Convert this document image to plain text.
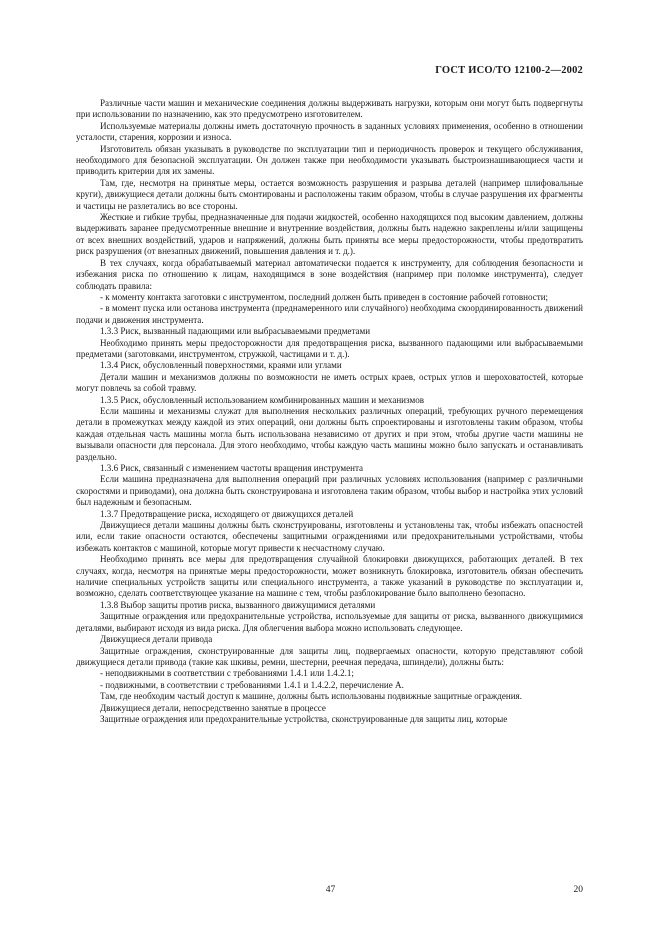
ГОСТ ИСО/ТО 12100-2—2002

Различные части машин и механические соединения должны выдерживать нагрузки, которым они могут быть подвергнуты при использовании по назначению, как это предусмотрено изготовителем.

Используемые материалы должны иметь достаточную прочность в заданных условиях применения, особенно в отношении усталости, старения, коррозии и износа.

Изготовитель обязан указывать в руководстве по эксплуатации тип и периодичность проверок и текущего обслуживания, необходимого для безопасной эксплуатации. Он должен также при необходимости указывать быстроизнашивающиеся части и приводить критерии для их замены.

Там, где, несмотря на принятые меры, остается возможность разрушения и разрыва деталей (например шлифовальные круги), движущиеся детали должны быть смонтированы и расположены таким образом, чтобы в случае разрушения их фрагменты и частицы не разлетались во все стороны.

Жесткие и гибкие трубы, предназначенные для подачи жидкостей, особенно находящихся под высоким давлением, должны выдерживать заранее предусмотренные внешние и внутренние воздействия, должны быть надежно закреплены и/или защищены от всех внешних воздействий, ударов и напряжений, должны быть приняты все меры предосторожности, чтобы предотвратить риск разрушения (от внезапных движений, повышения давления и т. д.).

В тех случаях, когда обрабатываемый материал автоматически подается к инструменту, для соблюдения безопасности и избежания риска по отношению к лицам, находящимся в зоне воздействия (например при поломке инструмента), следует соблюдать правила:

- к моменту контакта заготовки с инструментом, последний должен быть приведен в состояние рабочей готовности;

- в момент пуска или останова инструмента (преднамеренного или случайного) необходима скоординированность движений подачи и движения инструмента.

1.3.3 Риск, вызванный падающими или выбрасываемыми предметами

Необходимо принять меры предосторожности для предотвращения риска, вызванного падающими или выбрасываемыми предметами (заготовками, инструментом, стружкой, частицами и т. д.).

1.3.4 Риск, обусловленный поверхностями, краями или углами

Детали машин и механизмов должны по возможности не иметь острых краев, острых углов и шероховатостей, которые могут повлечь за собой травму.

1.3.5 Риск, обусловленный использованием комбинированных машин и механизмов

Если машины и механизмы служат для выполнения нескольких различных операций, требующих ручного перемещения детали в промежутках между каждой из этих операций, они должны быть спроектированы и изготовлены таким образом, чтобы каждая отдельная часть машины могла быть использована независимо от других и при этом, чтобы другие части машины не вызывали опасности для персонала. Для этого необходимо, чтобы каждую часть машины можно было запускать и останавливать раздельно.

1.3.6 Риск, связанный с изменением частоты вращения инструмента

Если машина предназначена для выполнения операций при различных условиях использования (например с различными скоростями и приводами), она должна быть сконструирована и изготовлена таким образом, чтобы выбор и настройка этих условий был надежным и безопасным.

1.3.7 Предотвращение риска, исходящего от движущихся деталей

Движущиеся детали машины должны быть сконструированы, изготовлены и установлены так, чтобы избежать опасностей или, если такие опасности остаются, обеспечены защитными ограждениями или предохранительными устройствами, чтобы избежать контактов с машиной, которые могут привести к несчастному случаю.

Необходимо принять все меры для предотвращения случайной блокировки движущихся, работающих деталей. В тех случаях, когда, несмотря на принятые меры предосторожности, может возникнуть блокировка, изготовитель обязан обеспечить наличие специальных устройств защиты или специального инструмента, а также указаний в руководстве по эксплуатации и, возможно, сделать соответствующее указание на машине с тем, чтобы разблокирование было выполнено безопасно.

1.3.8 Выбор защиты против риска, вызванного движущимися деталями

Защитные ограждения или предохранительные устройства, используемые для защиты от риска, вызванного движущимися деталями, выбирают исходя из вида риска. Для облегчения выбора можно использовать следующее.

Движущиеся детали привода

Защитные ограждения, сконструированные для защиты лиц, подвергаемых опасности, которую представляют собой движущиеся детали привода (такие как шкивы, ремни, шестерни, реечная передача, шпиндели), должны быть:

- неподвижными в соответствии с требованиями 1.4.1 или 1.4.2.1;

- подвижными, в соответствии с требованиями 1.4.1 и 1.4.2.2, перечисление А.

Там, где необходим частый доступ к машине, должны быть использованы подвижные защитные ограждения.

Движущиеся детали, непосредственно занятые в процессе

Защитные ограждения или предохранительные устройства, сконструированные для защиты лиц, которые

47	20
